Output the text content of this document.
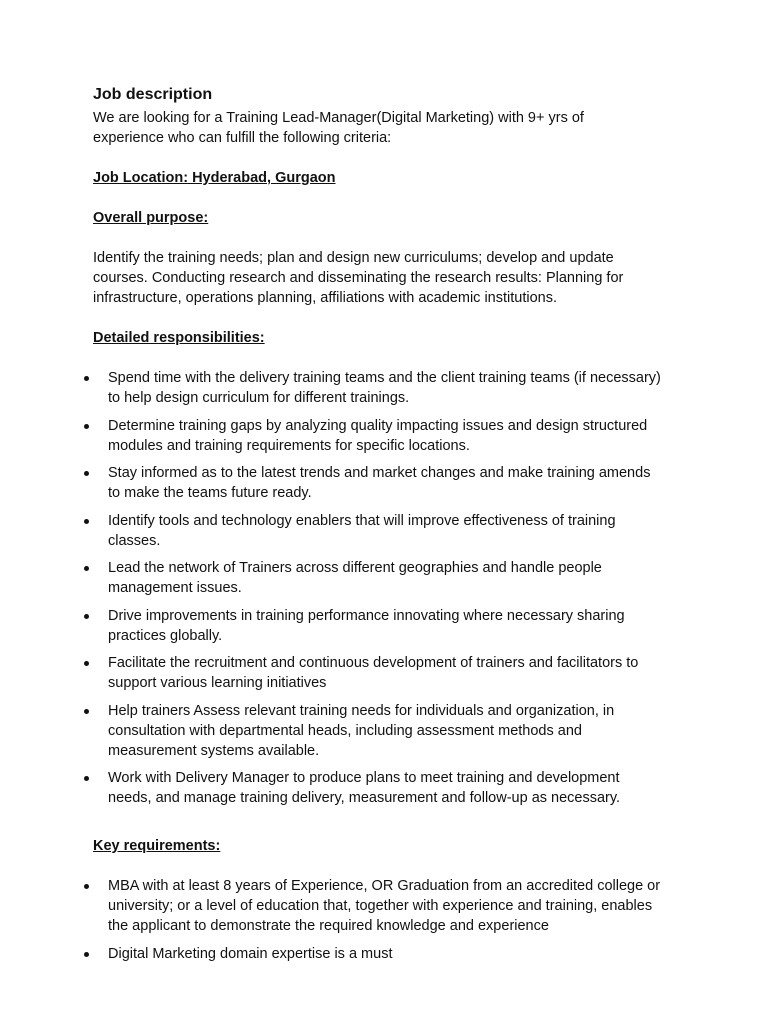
Job description

We are looking for a Training Lead-Manager(Digital Marketing) with 9+ yrs of
experience who can fulfill the following criteria:

Job Location: Hyderabad, Gurgaon

Overall purpose:

Identify the training needs; plan and design new curriculums; develop and update
courses. Conducting research and disseminating the research results: Planning for
infrastructure, operations planning, affiliations with academic institutions.

Detailed responsibilities:

Spend time with the delivery training teams and the client training teams (if necessary)
to help design curriculum for different trainings.
Determine training gaps by analyzing quality impacting issues and design structured
modules and training requirements for specific locations.
Stay informed as to the latest trends and market changes and make training amends
to make the teams future ready.
Identify tools and technology enablers that will improve effectiveness of training
classes.
Lead the network of Trainers across different geographies and handle people
management issues.
Drive improvements in training performance innovating where necessary sharing
practices globally.
Facilitate the recruitment and continuous development of trainers and facilitators to
support various learning initiatives
Help trainers Assess relevant training needs for individuals and organization, in
consultation with departmental heads, including assessment methods and
measurement systems available.
Work with Delivery Manager to produce plans to meet training and development
needs, and manage training delivery, measurement and follow-up as necessary.

Key requirements:

MBA with at least 8 years of Experience, OR Graduation from an accredited college or
university; or a level of education that, together with experience and training, enables
the applicant to demonstrate the required knowledge and experience
Digital Marketing domain expertise is a must
